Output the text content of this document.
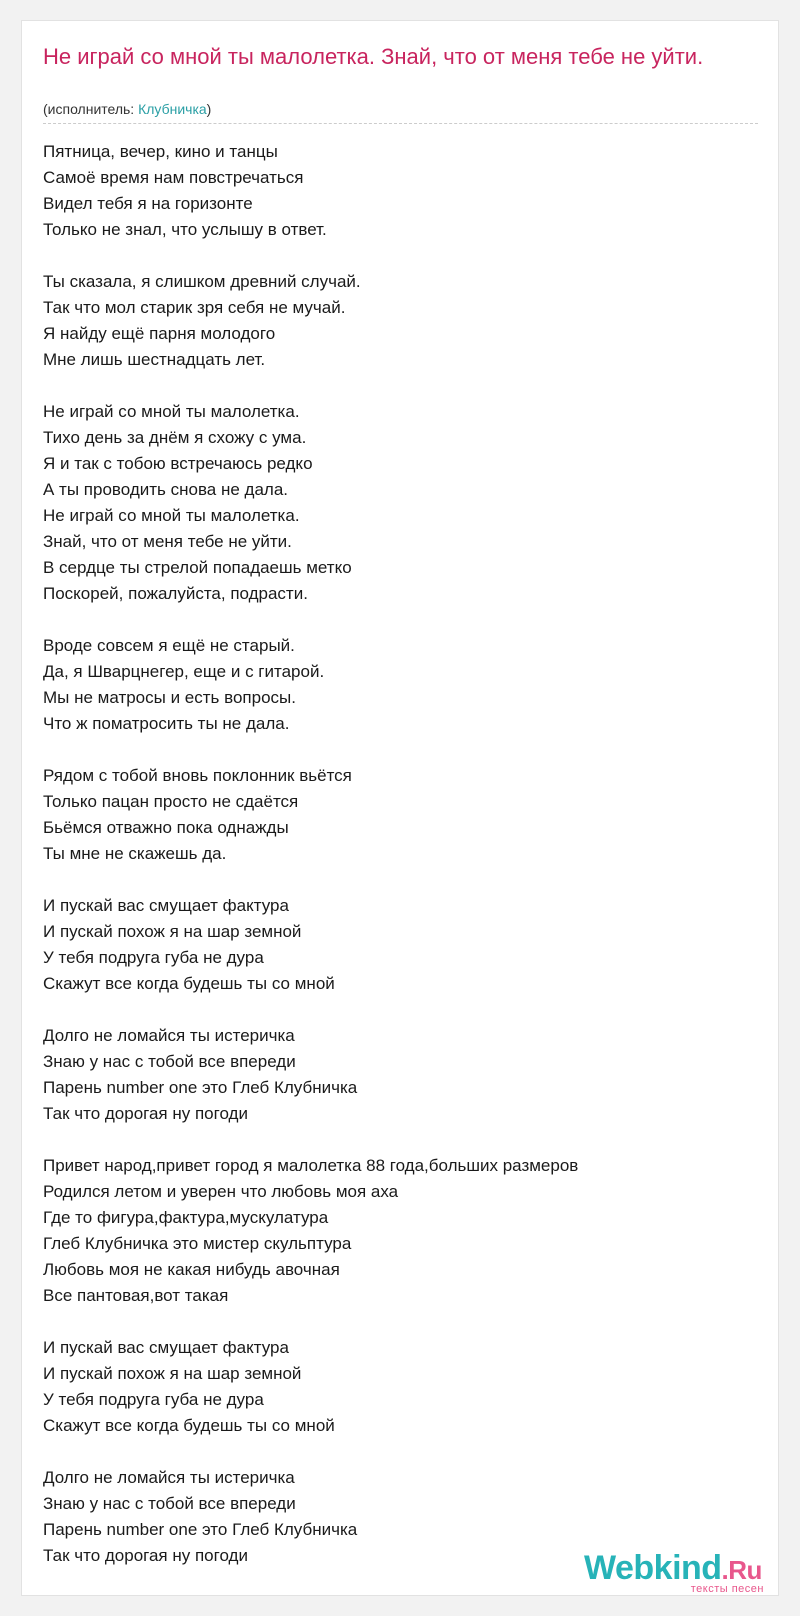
Не играй со мной ты малолетка. Знай, что от меня тебе не уйти.
(исполнитель: Клубничка)
Пятница, вечер, кино и танцы
Самоё время нам повстречаться
Видел тебя я на горизонте
Только не знал, что услышу в ответ.
Ты сказала, я слишком древний случай.
Так что мол старик зря себя не мучай.
Я найду ещё парня молодого
Мне лишь шестнадцать лет.
Не играй со мной ты малолетка.
Тихо день за днём я схожу с ума.
Я и так с тобою встречаюсь редко
А ты проводить снова не дала.
Не играй со мной ты малолетка.
Знай, что от меня тебе не уйти.
В сердце ты стрелой попадаешь метко
Поскорей, пожалуйста, подрасти.
Вроде совсем я ещё не старый.
Да, я Шварцнегер, еще и с гитарой.
Мы не матросы и есть вопросы.
Что ж поматросить ты не дала.
Рядом с тобой вновь поклонник вьётся
Только пацан просто не сдаётся
Бьёмся отважно пока однажды
Ты мне не скажешь да.
И пускай вас смущает фактура
И пускай похож я на шар земной
У тебя подруга губа не дура
Скажут все когда будешь ты со мной
Долго не ломайся ты истеричка
Знаю у нас с тобой все впереди
Парень number one это Глеб Клубничка
Так что дорогая ну погоди
Привет народ,привет город я малолетка 88 года,больших размеров
Родился летом и уверен что любовь моя аха
Где то фигура,фактура,мускулатура
Глеб Клубничка это мистер скульптура
Любовь моя не какая нибудь авочная
Все пантовая,вот такая
И пускай вас смущает фактура
И пускай похож я на шар земной
У тебя подруга губа не дура
Скажут все когда будешь ты со мной
Долго не ломайся ты истеричка
Знаю у нас с тобой все впереди
Парень number one это Глеб Клубничка
Так что дорогая ну погоди	Webkind.Ru
тексты песен
